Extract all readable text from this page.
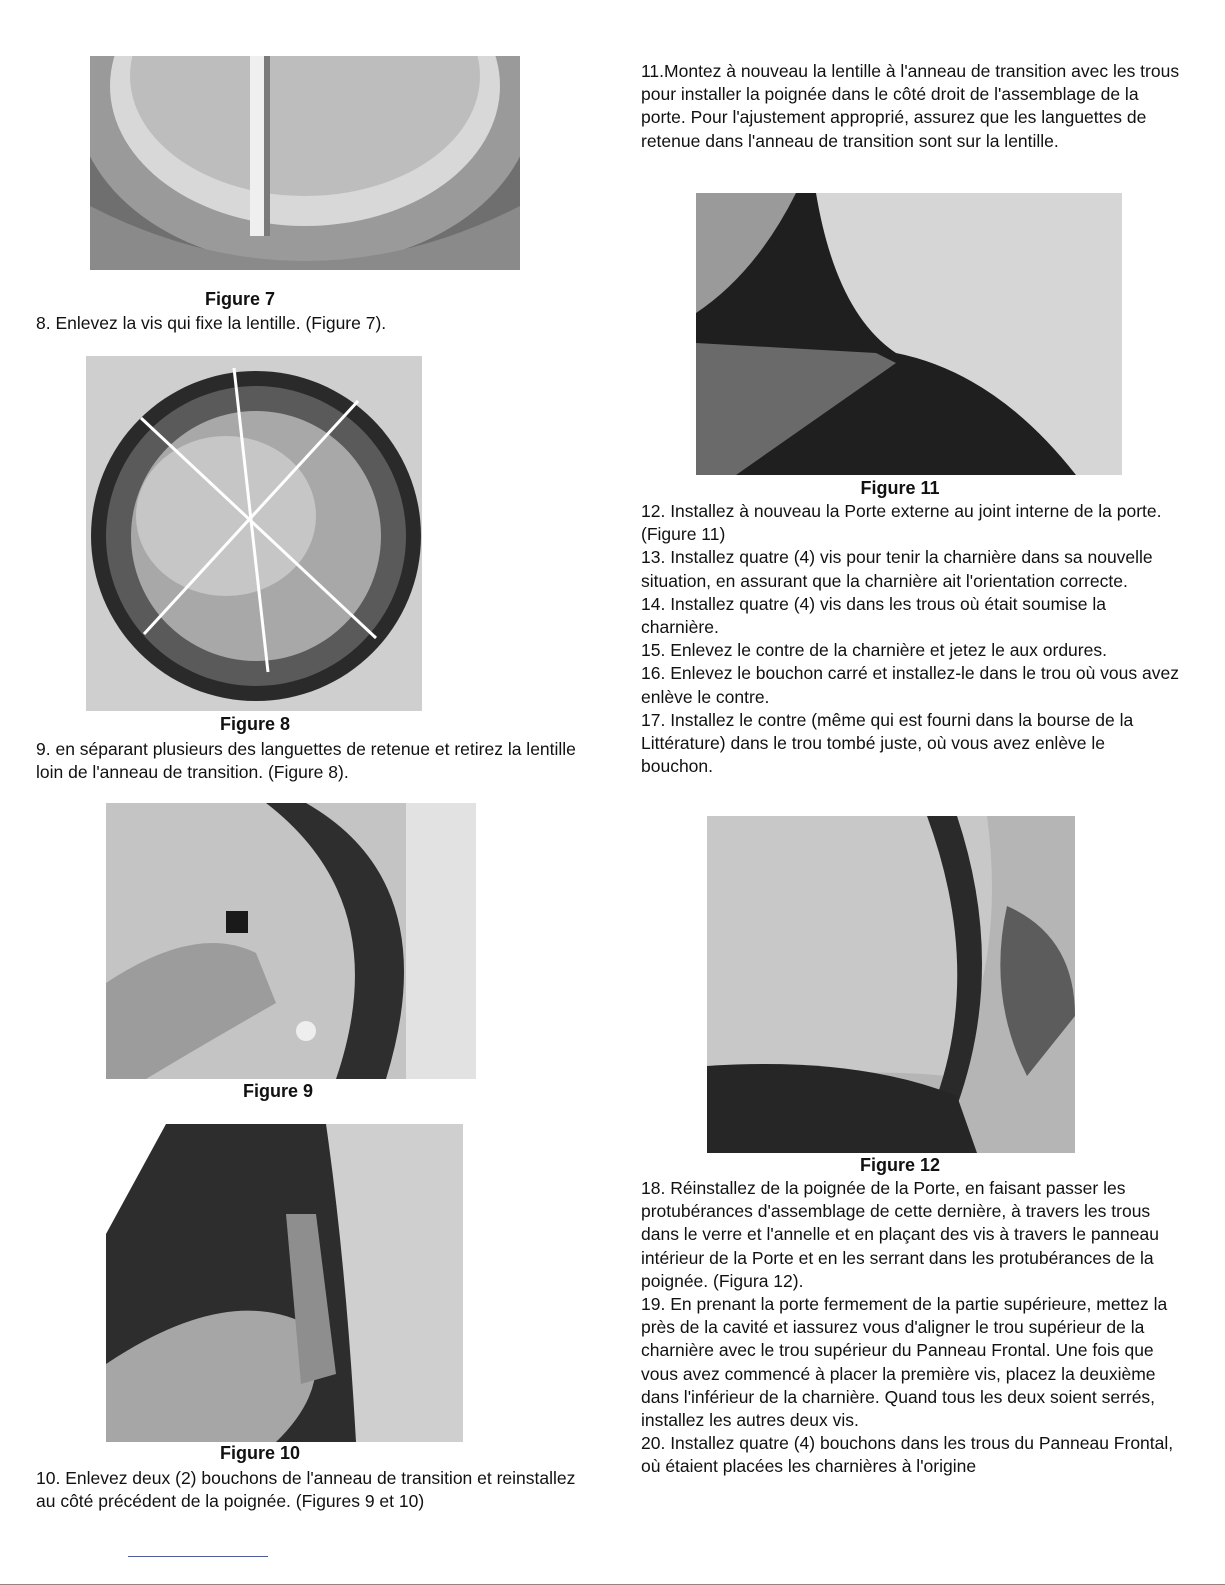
Figure 7
8. Enlevez la vis qui fixe la lentille. (Figure 7).
Figure 8
9. en séparant plusieurs des languettes de retenue et retirez la lentille loin de l'anneau de transition. (Figure 8).
Figure 9
Figure 10
10. Enlevez deux (2) bouchons de l'anneau de transition et reinstallez au côté précédent de la poignée. (Figures 9 et 10)
11.Montez à nouveau la lentille à l'anneau de transition avec les trous pour installer la poignée dans le côté droit de l'assemblage de la porte. Pour l'ajustement approprié, assurez que les languettes de retenue dans l'anneau de transition sont sur la lentille.
Figure 11

12. Installez à nouveau la Porte externe au joint interne de la porte. (Figure 11)

13. Installez quatre (4) vis pour tenir la charnière dans sa nouvelle situation, en assurant que la charnière ait l'orientation correcte.

14. Installez quatre (4) vis dans les trous où était soumise la charnière.

15. Enlevez le contre de la charnière et jetez le aux ordures.

16. Enlevez le bouchon carré et installez-le dans le trou où vous avez enlève le contre.

17. Installez le contre (même qui est fourni dans la bourse de la Littérature) dans le trou tombé juste, où vous avez enlève le bouchon.

Figure 12

18. Réinstallez de la poignée de la Porte, en faisant passer les protubérances d'assemblage de cette dernière, à travers les trous dans le verre et l'annelle et en plaçant des vis à travers le panneau intérieur de la Porte et en les serrant dans les protubérances de la poignée. (Figura 12).

19. En prenant la porte fermement de la partie supérieure, mettez la près de la cavité et iassurez vous d'aligner le trou supérieur de la charnière avec le trou supérieur du Panneau Frontal. Une fois que vous avez commencé à placer la première vis, placez la deuxième dans l'inférieur de la charnière. Quand tous les deux soient serrés, installez les autres deux vis.

20. Installez quatre (4) bouchons dans les trous du Panneau Frontal, où étaient placées les charnières à l'origine
